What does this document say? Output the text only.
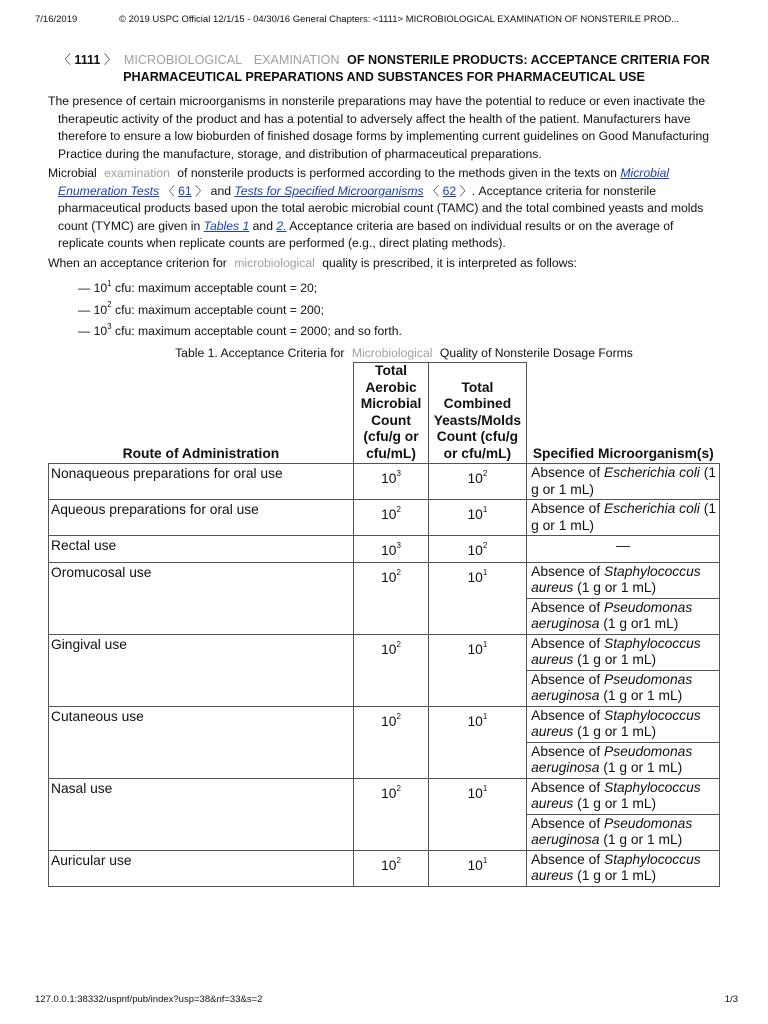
7/16/2019	© 2019 USPC Official 12/1/15 - 04/30/16 General Chapters: <1111> MICROBIOLOGICAL EXAMINATION OF NONSTERILE PROD...
〈 1111 〉 MICROBIOLOGICAL EXAMINATION OF NONSTERILE PRODUCTS: ACCEPTANCE CRITERIA FOR
PHARMACEUTICAL PREPARATIONS AND SUBSTANCES FOR PHARMACEUTICAL USE

The presence of certain microorganisms in nonsterile preparations may have the potential to reduce or even inactivate the therapeutic activity of the product and has a potential to adversely affect the health of the patient. Manufacturers have therefore to ensure a low bioburden of finished dosage forms by implementing current guidelines on Good Manufacturing Practice during the manufacture, storage, and distribution of pharmaceutical preparations.

Microbial examination of nonsterile products is performed according to the methods given in the texts on Microbial Enumeration Tests 〈 61 〉 and Tests for Specified Microorganisms 〈 62 〉. Acceptance criteria for nonsterile pharmaceutical products based upon the total aerobic microbial count (TAMC) and the total combined yeasts and molds count (TYMC) are given in Tables 1 and 2. Acceptance criteria are based on individual results or on the average of replicate counts when replicate counts are performed (e.g., direct plating methods).

When an acceptance criterion for microbiological quality is prescribed, it is interpreted as follows:

— $10^1$ cfu: maximum acceptable count = 20;
— $10^2$ cfu: maximum acceptable count = 200;
— $10^3$ cfu: maximum acceptable count = 2000; and so forth.
Table 1. Acceptance Criteria for Microbiological Quality of Nonsterile Dosage Forms
Route of Administration	Total Aerobic Microbial Count (cfu/g or cfu/mL)	Total Combined Yeasts/Molds Count (cfu/g or cfu/mL)	Specified Microorganism(s)
Nonaqueous preparations for oral use	$10^3$	$10^2$	Absence of Escherichia coli (1 g or 1 mL)
Aqueous preparations for oral use	$10^2$	$10^1$	Absence of Escherichia coli (1 g or 1 mL)
Rectal use	$10^3$	$10^2$	—
Oromucosal use	$10^2$	$10^1$	Absence of Staphylococcus aureus (1 g or 1 mL)
			Absence of Pseudomonas aeruginosa (1 g or1 mL)
Gingival use	$10^2$	$10^1$	Absence of Staphylococcus aureus (1 g or 1 mL)
			Absence of Pseudomonas aeruginosa (1 g or 1 mL)
Cutaneous use	$10^2$	$10^1$	Absence of Staphylococcus aureus (1 g or 1 mL)
			Absence of Pseudomonas aeruginosa (1 g or 1 mL)
Nasal use	$10^2$	$10^1$	Absence of Staphylococcus aureus (1 g or 1 mL)
			Absence of Pseudomonas aeruginosa (1 g or 1 mL)
Auricular use	$10^2$	$10^1$	Absence of Staphylococcus aureus (1 g or 1 mL)
127.0.0.1:38332/uspnf/pub/index?usp=38&nf=33&s=2	1/3
